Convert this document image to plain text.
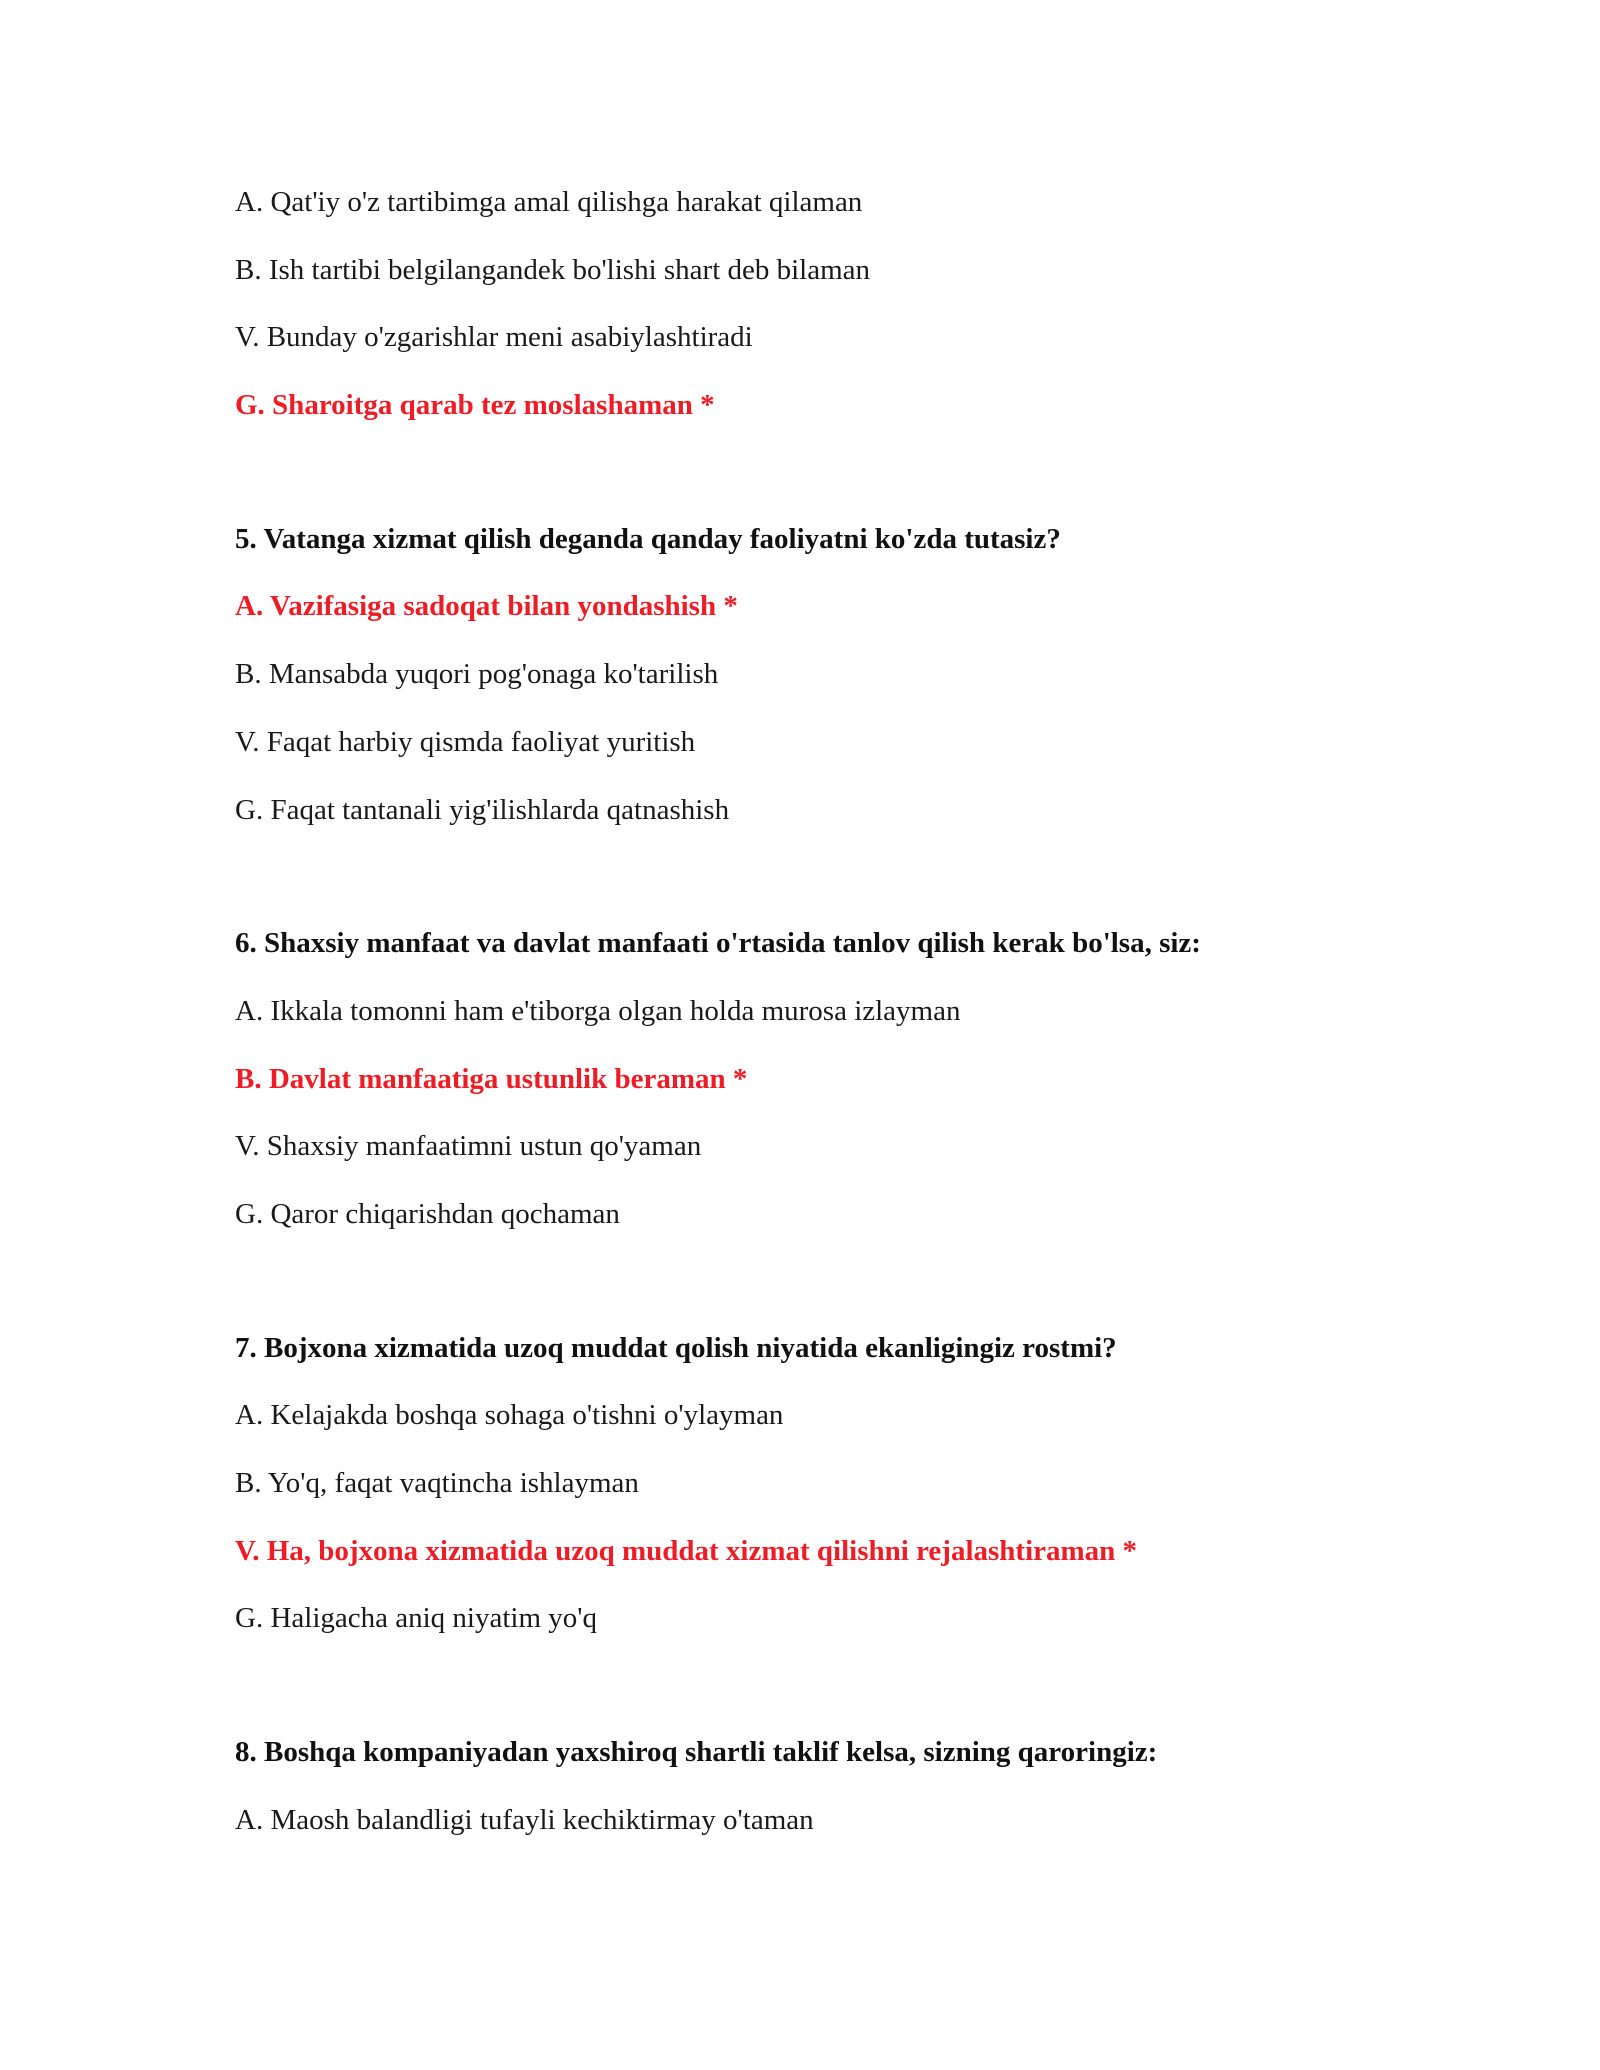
A. Qat'iy o'z tartibimga amal qilishga harakat qilaman
B. Ish tartibi belgilangandek bo'lishi shart deb bilaman
V. Bunday o'zgarishlar meni asabiylashtiradi
G. Sharoitga qarab tez moslashaman *
5. Vatanga xizmat qilish deganda qanday faoliyatni ko'zda tutasiz?
A. Vazifasiga sadoqat bilan yondashish *
B. Mansabda yuqori pog'onaga ko'tarilish
V. Faqat harbiy qismda faoliyat yuritish
G. Faqat tantanali yig'ilishlarda qatnashish
6. Shaxsiy manfaat va davlat manfaati o'rtasida tanlov qilish kerak bo'lsa, siz:
A. Ikkala tomonni ham e'tiborga olgan holda murosa izlayman
B. Davlat manfaatiga ustunlik beraman *
V. Shaxsiy manfaatimni ustun qo'yaman
G. Qaror chiqarishdan qochaman
7. Bojxona xizmatida uzoq muddat qolish niyatida ekanligingiz rostmi?
A. Kelajakda boshqa sohaga o'tishni o'ylayman
B. Yo'q, faqat vaqtincha ishlayman
V. Ha, bojxona xizmatida uzoq muddat xizmat qilishni rejalashtiraman *
G. Haligacha aniq niyatim yo'q
8. Boshqa kompaniyadan yaxshiroq shartli taklif kelsa, sizning qaroringiz:
A. Maosh balandligi tufayli kechiktirmay o'taman
